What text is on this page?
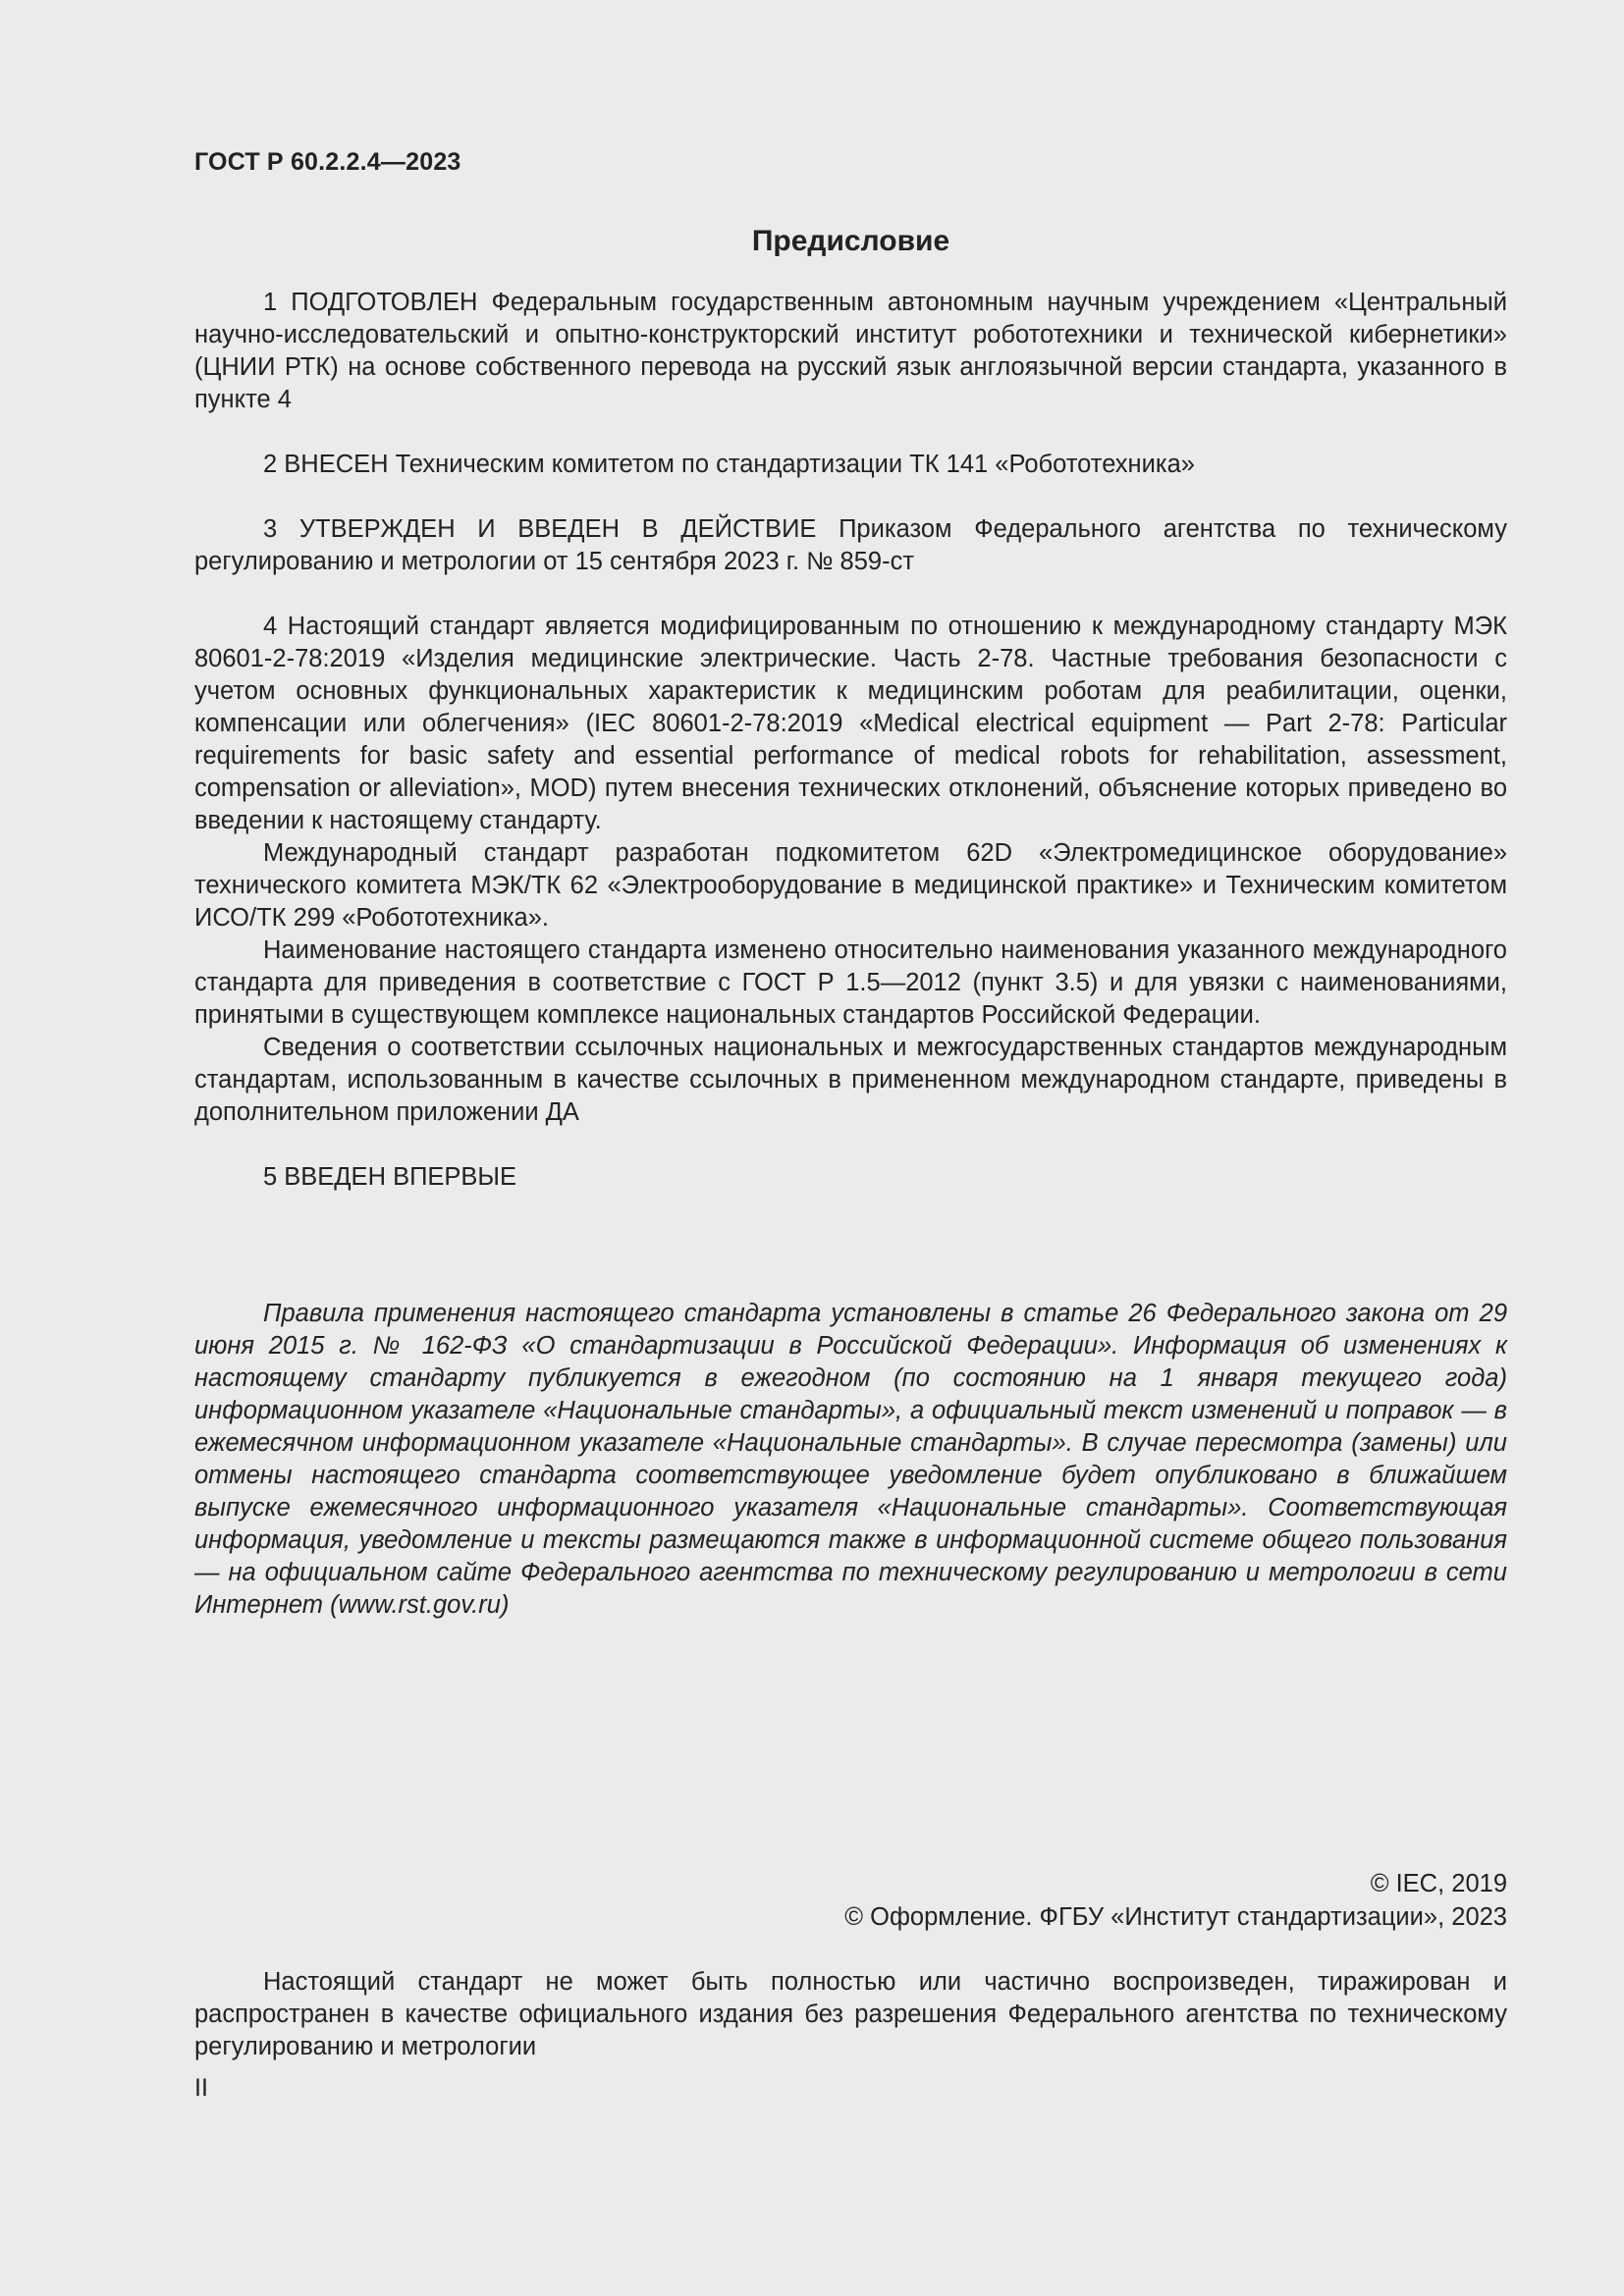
ГОСТ Р 60.2.2.4—2023
Предисловие

1 ПОДГОТОВЛЕН Федеральным государственным автономным научным учреждением «Центральный научно-исследовательский и опытно-конструкторский институт робототехники и технической кибернетики» (ЦНИИ РТК) на основе собственного перевода на русский язык англоязычной версии стандарта, указанного в пункте 4

2 ВНЕСЕН Техническим комитетом по стандартизации ТК 141 «Робототехника»

3 УТВЕРЖДЕН И ВВЕДЕН В ДЕЙСТВИЕ Приказом Федерального агентства по техническому регулированию и метрологии от 15 сентября 2023 г. № 859-ст

4 Настоящий стандарт является модифицированным по отношению к международному стандарту МЭК 80601-2-78:2019 «Изделия медицинские электрические. Часть 2-78. Частные требования безопасности с учетом основных функциональных характеристик к медицинским роботам для реабилитации, оценки, компенсации или облегчения» (IEC 80601-2-78:2019 «Medical electrical equipment — Part 2-78: Particular requirements for basic safety and essential performance of medical robots for rehabilitation, assessment, compensation or alleviation», MOD) путем внесения технических отклонений, объяснение которых приведено во введении к настоящему стандарту.

Международный стандарт разработан подкомитетом 62D «Электромедицинское оборудование» технического комитета МЭК/ТК 62 «Электрооборудование в медицинской практике» и Техническим комитетом ИСО/ТК 299 «Робототехника».

Наименование настоящего стандарта изменено относительно наименования указанного международного стандарта для приведения в соответствие с ГОСТ Р 1.5—2012 (пункт 3.5) и для увязки с наименованиями, принятыми в существующем комплексе национальных стандартов Российской Федерации.

Сведения о соответствии ссылочных национальных и межгосударственных стандартов международным стандартам, использованным в качестве ссылочных в примененном международном стандарте, приведены в дополнительном приложении ДА

5 ВВЕДЕН ВПЕРВЫЕ

Правила применения настоящего стандарта установлены в статье 26 Федерального закона от 29 июня 2015 г. № 162-ФЗ «О стандартизации в Российской Федерации». Информация об изменениях к настоящему стандарту публикуется в ежегодном (по состоянию на 1 января текущего года) информационном указателе «Национальные стандарты», а официальный текст изменений и поправок — в ежемесячном информационном указателе «Национальные стандарты». В случае пересмотра (замены) или отмены настоящего стандарта соответствующее уведомление будет опубликовано в ближайшем выпуске ежемесячного информационного указателя «Национальные стандарты». Соответствующая информация, уведомление и тексты размещаются также в информационной системе общего пользования — на официальном сайте Федерального агентства по техническому регулированию и метрологии в сети Интернет (www.rst.gov.ru)
© IEC, 2019
© Оформление. ФГБУ «Институт стандартизации», 2023
Настоящий стандарт не может быть полностью или частично воспроизведен, тиражирован и распространен в качестве официального издания без разрешения Федерального агентства по техническому регулированию и метрологии
II
